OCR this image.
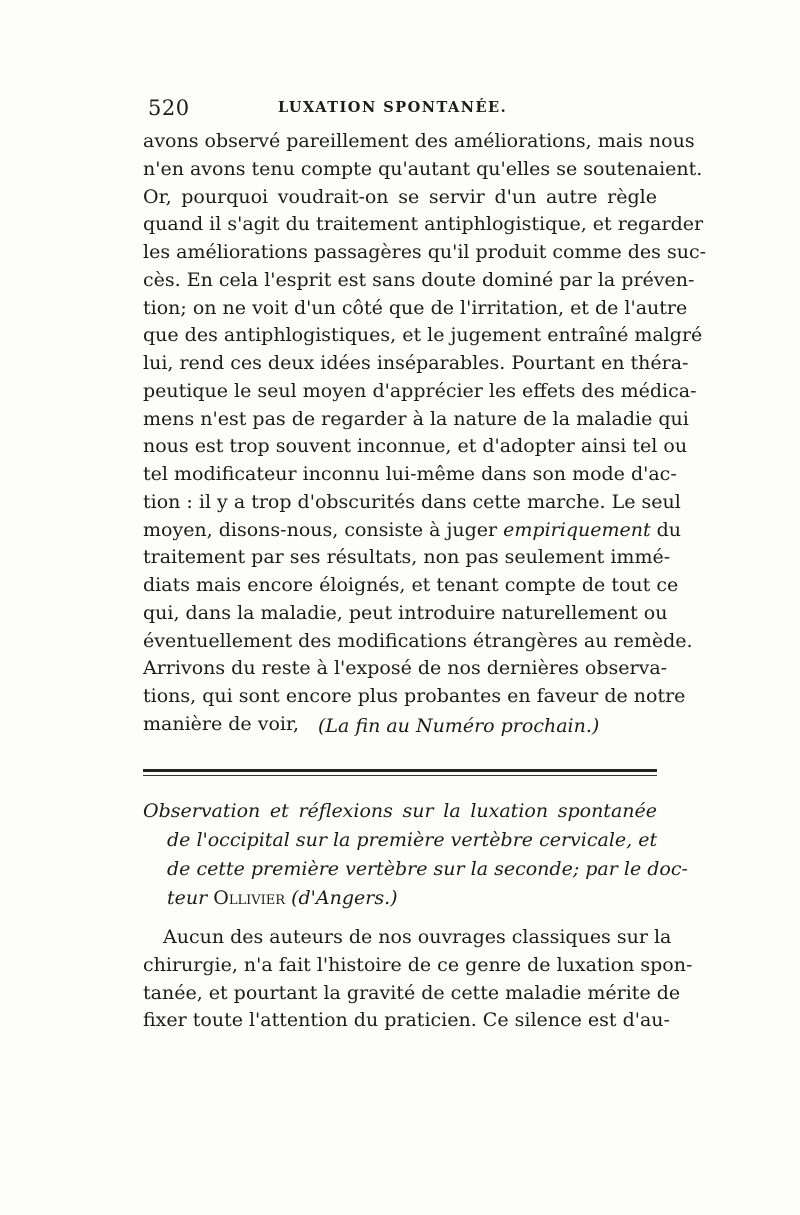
520	LUXATION SPONTANÉE.
avons observé pareillement des améliorations, mais nous
n'en avons tenu compte qu'autant qu'elles se soutenaient.
Or, pourquoi voudrait-on se servir d'un autre règle
quand il s'agit du traitement antiphlogistique, et regarder
les améliorations passagères qu'il produit comme des suc-
cès. En cela l'esprit est sans doute dominé par la préven-
tion; on ne voit d'un côté que de l'irritation, et de l'autre
que des antiphlogistiques, et le jugement entraîné malgré
lui, rend ces deux idées inséparables. Pourtant en théra-
peutique le seul moyen d'apprécier les effets des médica-
mens n'est pas de regarder à la nature de la maladie qui
nous est trop souvent inconnue, et d'adopter ainsi tel ou
tel modificateur inconnu lui-même dans son mode d'ac-
tion : il y a trop d'obscurités dans cette marche. Le seul
moyen, disons-nous, consiste à juger empiriquement du
traitement par ses résultats, non pas seulement immé-
diats mais encore éloignés, et tenant compte de tout ce
qui, dans la maladie, peut introduire naturellement ou
éventuellement des modifications étrangères au remède.
Arrivons du reste à l'exposé de nos dernières observa-
tions, qui sont encore plus probantes en faveur de notre
manière de voir,	(La fin au Numéro prochain.)
Observation et réflexions sur la luxation spontanée
de l'occipital sur la première vertèbre cervicale, et
de cette première vertèbre sur la seconde; par le doc-
teur Ollivier (d'Angers.)
Aucun des auteurs de nos ouvrages classiques sur la
chirurgie, n'a fait l'histoire de ce genre de luxation spon-
tanée, et pourtant la gravité de cette maladie mérite de
fixer toute l'attention du praticien. Ce silence est d'au-
